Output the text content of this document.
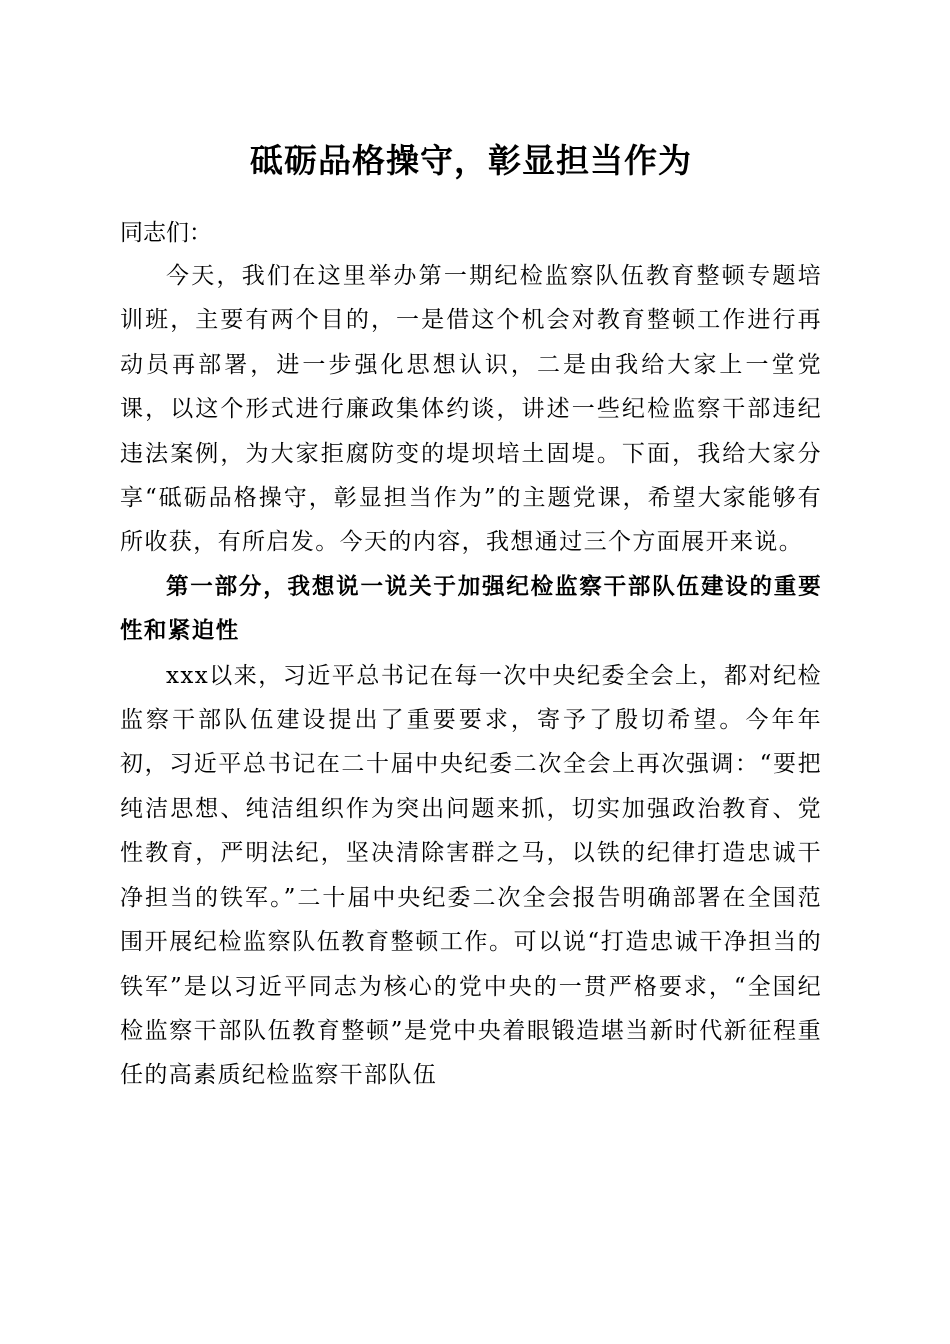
砥砺品格操守，彰显担当作为

同志们：

今天，我们在这里举办第一期纪检监察队伍教育整顿专题培训班，主要有两个目的，一是借这个机会对教育整顿工作进行再动员再部署，进一步强化思想认识，二是由我给大家上一堂党课，以这个形式进行廉政集体约谈，讲述一些纪检监察干部违纪违法案例，为大家拒腐防变的堤坝培土固堤。下面，我给大家分享“砥砺品格操守，彰显担当作为”的主题党课，希望大家能够有所收获，有所启发。今天的内容，我想通过三个方面展开来说。

第一部分，我想说一说关于加强纪检监察干部队伍建设的重要性和紧迫性

xxx以来，习近平总书记在每一次中央纪委全会上，都对纪检监察干部队伍建设提出了重要要求，寄予了殷切希望。今年年初，习近平总书记在二十届中央纪委二次全会上再次强调：“要把纯洁思想、纯洁组织作为突出问题来抓，切实加强政治教育、党性教育，严明法纪，坚决清除害群之马，以铁的纪律打造忠诚干净担当的铁军。”二十届中央纪委二次全会报告明确部署在全国范围开展纪检监察队伍教育整顿工作。可以说“打造忠诚干净担当的铁军”是以习近平同志为核心的党中央的一贯严格要求，“全国纪检监察干部队伍教育整顿”是党中央着眼锻造堪当新时代新征程重任的高素质纪检监察干部队伍
